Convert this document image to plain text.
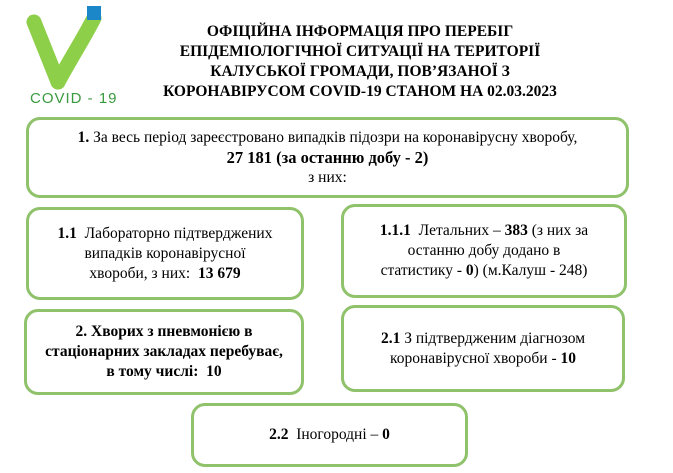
COVID - 19
ОФІЦІЙНА ІНФОРМАЦІЯ ПРО ПЕРЕБІГ
ЕПІДЕМІОЛОГІЧНОЇ СИТУАЦІЇ НА ТЕРИТОРІЇ
КАЛУСЬКОЇ ГРОМАДИ, ПОВ’ЯЗАНОЇ З
КОРОНАВІРУСОМ COVID-19 СТАНОМ НА 02.03.2023
1. За весь період зареєстровано випадків підозри на коронавірусну хворобу,
27 181 (за останню добу - 2)
з них:
1.1  Лабораторно підтверджених
випадків коронавірусної
хвороби, з них:  13 679
1.1.1  Летальних – 383 (з них за
останню добу додано в
статистику - 0) (м.Калуш - 248)
2. Хворих з пневмонією в
стаціонарних закладах перебуває,
в тому числі:  10
2.1 З підтвердженим діагнозом
коронавірусної хвороби - 10
2.2  Іногородні – 0
